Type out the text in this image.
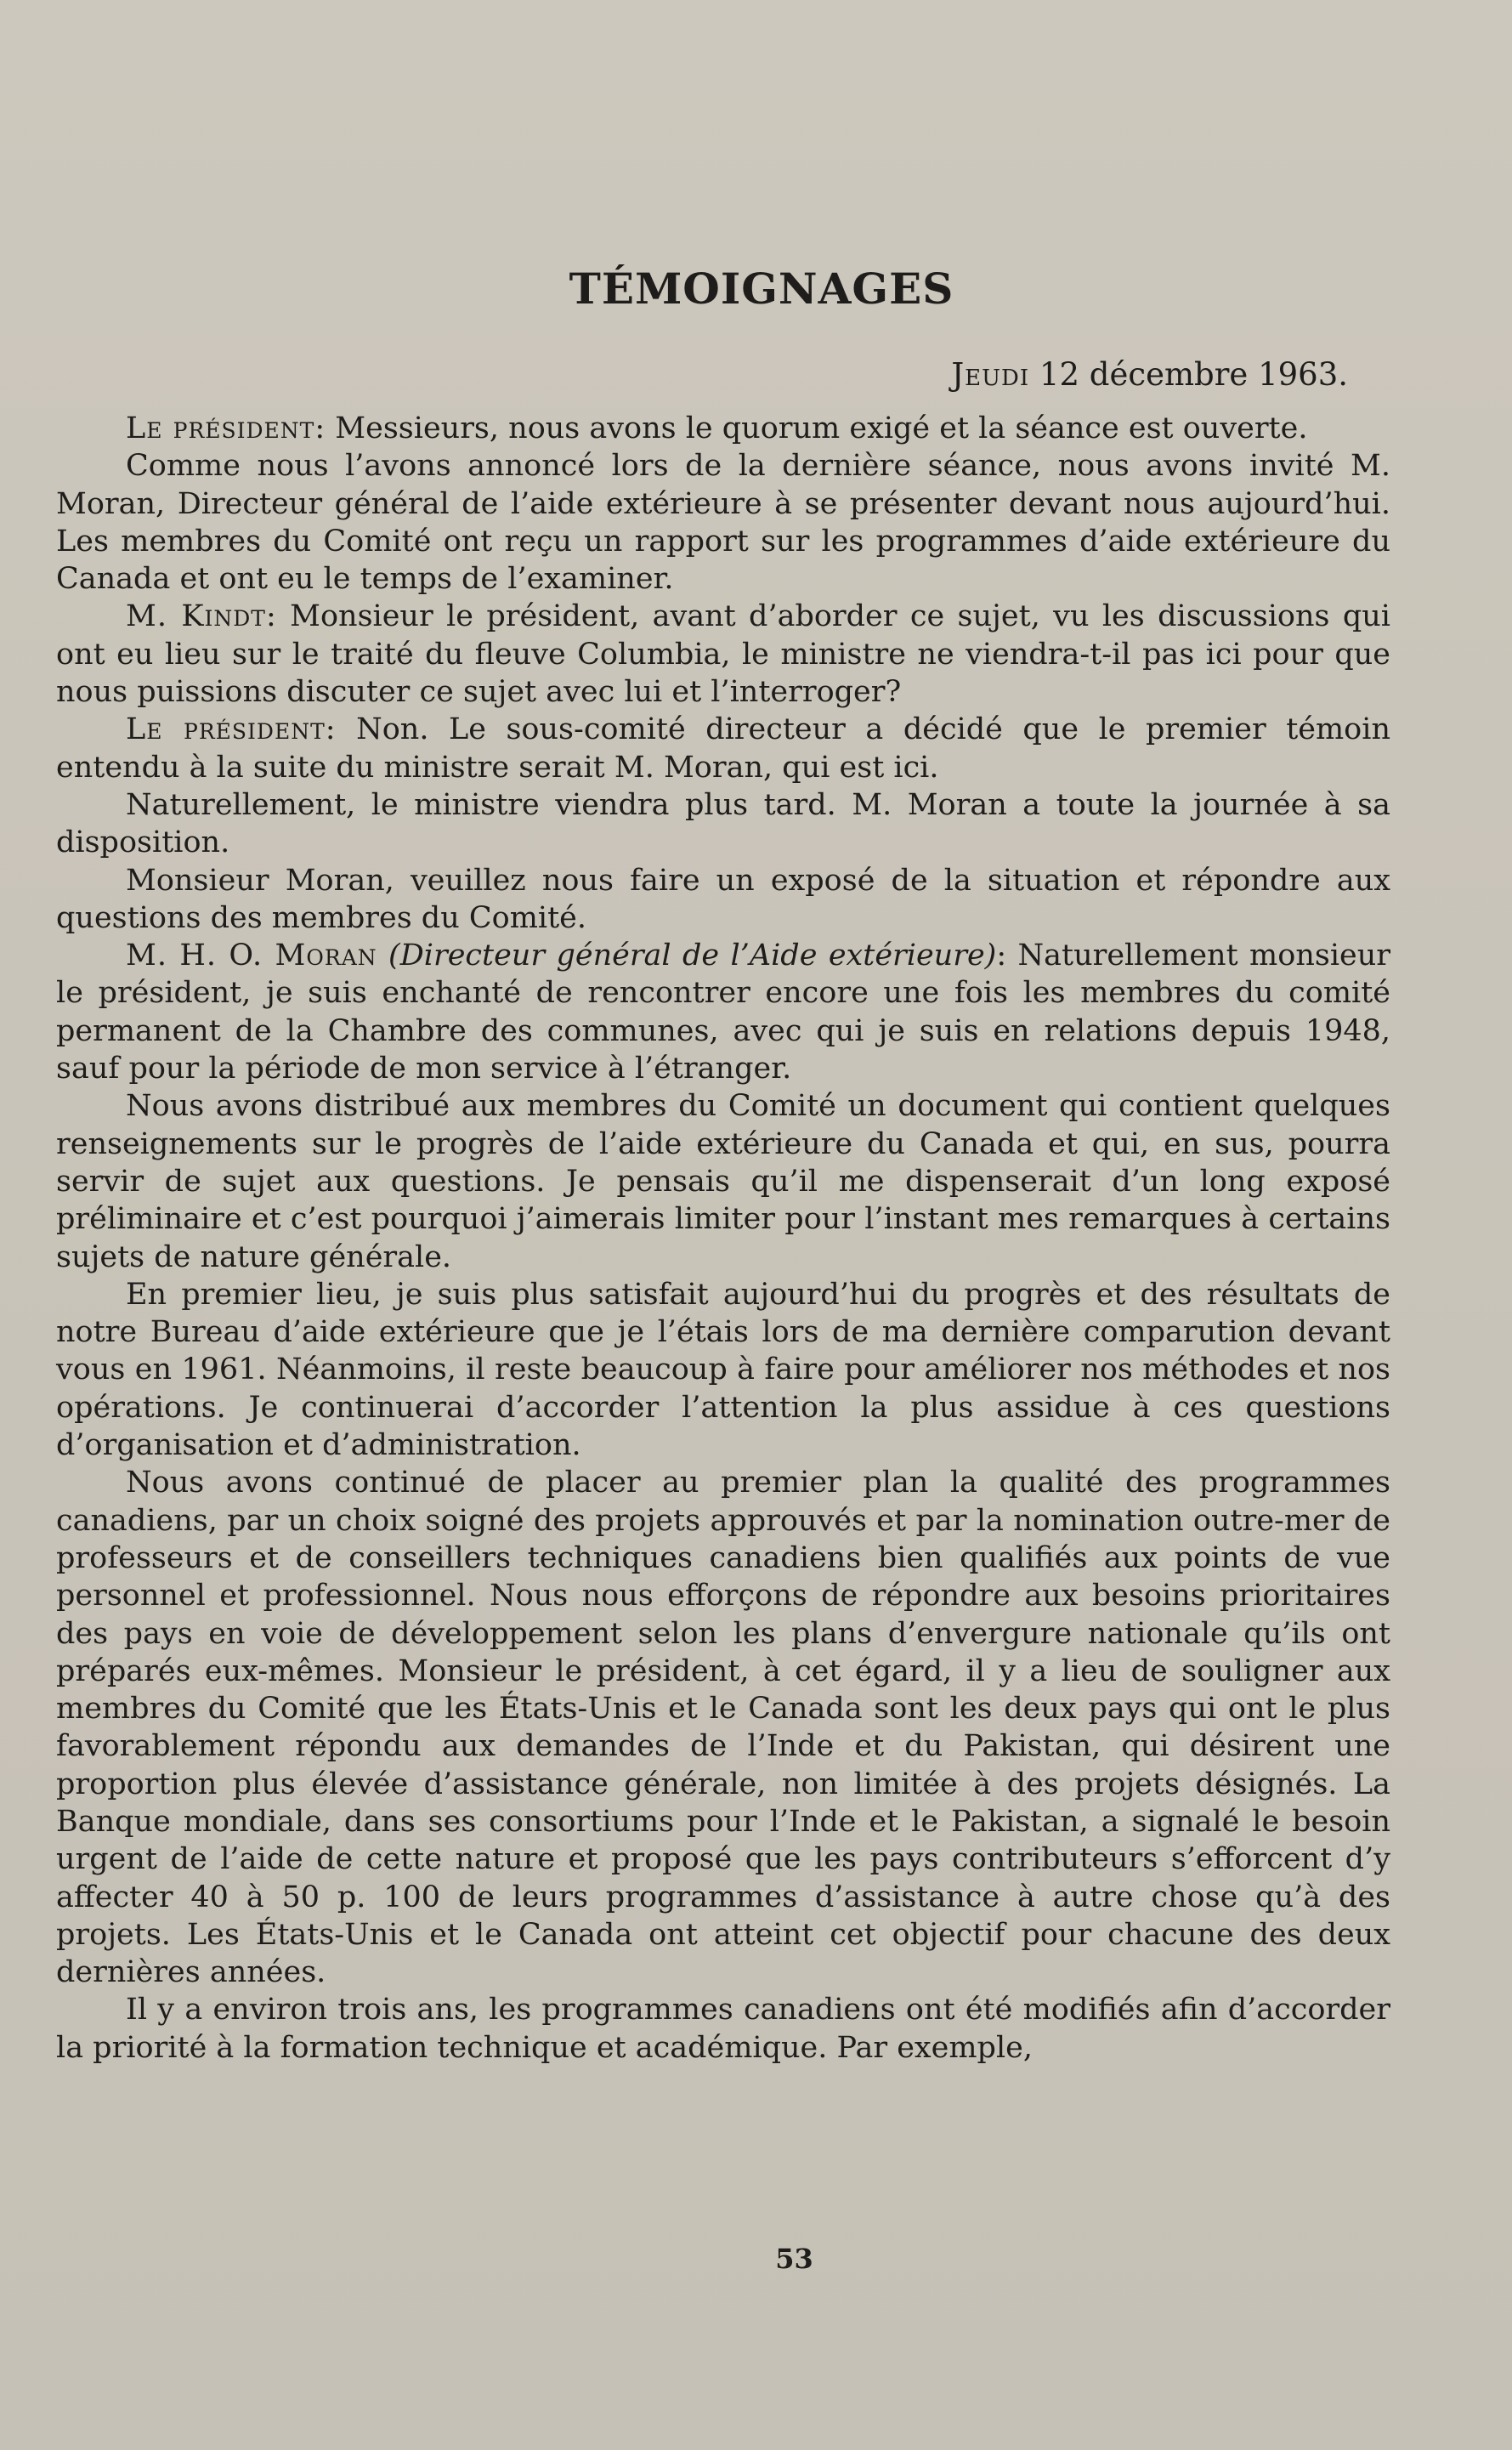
TÉMOIGNAGES
Jeudi 12 décembre 1963.

Le président: Messieurs, nous avons le quorum exigé et la séance est ouverte.

Comme nous l’avons annoncé lors de la dernière séance, nous avons invité M. Moran, Directeur général de l’aide extérieure à se présenter devant nous aujourd’hui. Les membres du Comité ont reçu un rapport sur les programmes d’aide extérieure du Canada et ont eu le temps de l’examiner.

M. Kindt: Monsieur le président, avant d’aborder ce sujet, vu les discussions qui ont eu lieu sur le traité du fleuve Columbia, le ministre ne viendra-t-il pas ici pour que nous puissions discuter ce sujet avec lui et l’interroger?

Le président: Non. Le sous-comité directeur a décidé que le premier témoin entendu à la suite du ministre serait M. Moran, qui est ici.

Naturellement, le ministre viendra plus tard. M. Moran a toute la journée à sa disposition.

Monsieur Moran, veuillez nous faire un exposé de la situation et répondre aux questions des membres du Comité.

M. H. O. Moran (Directeur général de l’Aide extérieure): Naturellement monsieur le président, je suis enchanté de rencontrer encore une fois les membres du comité permanent de la Chambre des communes, avec qui je suis en relations depuis 1948, sauf pour la période de mon service à l’étranger.

Nous avons distribué aux membres du Comité un document qui contient quelques renseignements sur le progrès de l’aide extérieure du Canada et qui, en sus, pourra servir de sujet aux questions. Je pensais qu’il me dispenserait d’un long exposé préliminaire et c’est pourquoi j’aimerais limiter pour l’instant mes remarques à certains sujets de nature générale.

En premier lieu, je suis plus satisfait aujourd’hui du progrès et des résultats de notre Bureau d’aide extérieure que je l’étais lors de ma dernière comparution devant vous en 1961. Néanmoins, il reste beaucoup à faire pour améliorer nos méthodes et nos opérations. Je continuerai d’accorder l’attention la plus assidue à ces questions d’organisation et d’administration.

Nous avons continué de placer au premier plan la qualité des programmes canadiens, par un choix soigné des projets approuvés et par la nomination outre-mer de professeurs et de conseillers techniques canadiens bien qualifiés aux points de vue personnel et professionnel. Nous nous efforçons de répondre aux besoins prioritaires des pays en voie de développement selon les plans d’envergure nationale qu’ils ont préparés eux-mêmes. Monsieur le président, à cet égard, il y a lieu de souligner aux membres du Comité que les États-Unis et le Canada sont les deux pays qui ont le plus favorablement répondu aux demandes de l’Inde et du Pakistan, qui désirent une proportion plus élevée d’assistance générale, non limitée à des projets désignés. La Banque mondiale, dans ses consortiums pour l’Inde et le Pakistan, a signalé le besoin urgent de l’aide de cette nature et proposé que les pays contributeurs s’efforcent d’y affecter 40 à 50 p. 100 de leurs programmes d’assistance à autre chose qu’à des projets. Les États-Unis et le Canada ont atteint cet objectif pour chacune des deux dernières années.

Il y a environ trois ans, les programmes canadiens ont été modifiés afin d’accorder la priorité à la formation technique et académique. Par exemple,

53
